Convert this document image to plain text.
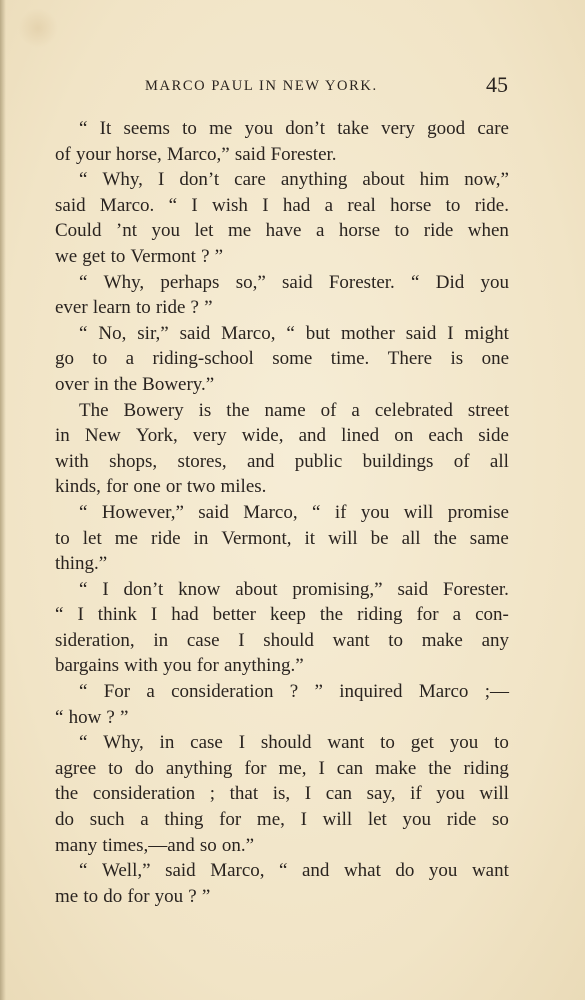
MARCO PAUL IN NEW YORK.	45
“ It seems to me you don’t take very good care
of your horse, Marco,” said Forester.
“ Why, I don’t care anything about him now,”
said Marco. “ I wish I had a real horse to ride.
Could ’nt you let me have a horse to ride when
we get to Vermont ? ”
“ Why, perhaps so,” said Forester. “ Did you
ever learn to ride ? ”
“ No, sir,” said Marco, “ but mother said I might
go to a riding-school some time. There is one
over in the Bowery.”
The Bowery is the name of a celebrated street
in New York, very wide, and lined on each side
with shops, stores, and public buildings of all
kinds, for one or two miles.
“ However,” said Marco, “ if you will promise
to let me ride in Vermont, it will be all the same
thing.”
“ I don’t know about promising,” said Forester.
“ I think I had better keep the riding for a con-
sideration, in case I should want to make any
bargains with you for anything.”
“ For a consideration ? ” inquired Marco ;—
“ how ? ”
“ Why, in case I should want to get you to
agree to do anything for me, I can make the riding
the consideration ; that is, I can say, if you will
do such a thing for me, I will let you ride so
many times,—and so on.”
“ Well,” said Marco, “ and what do you want
me to do for you ? ”
